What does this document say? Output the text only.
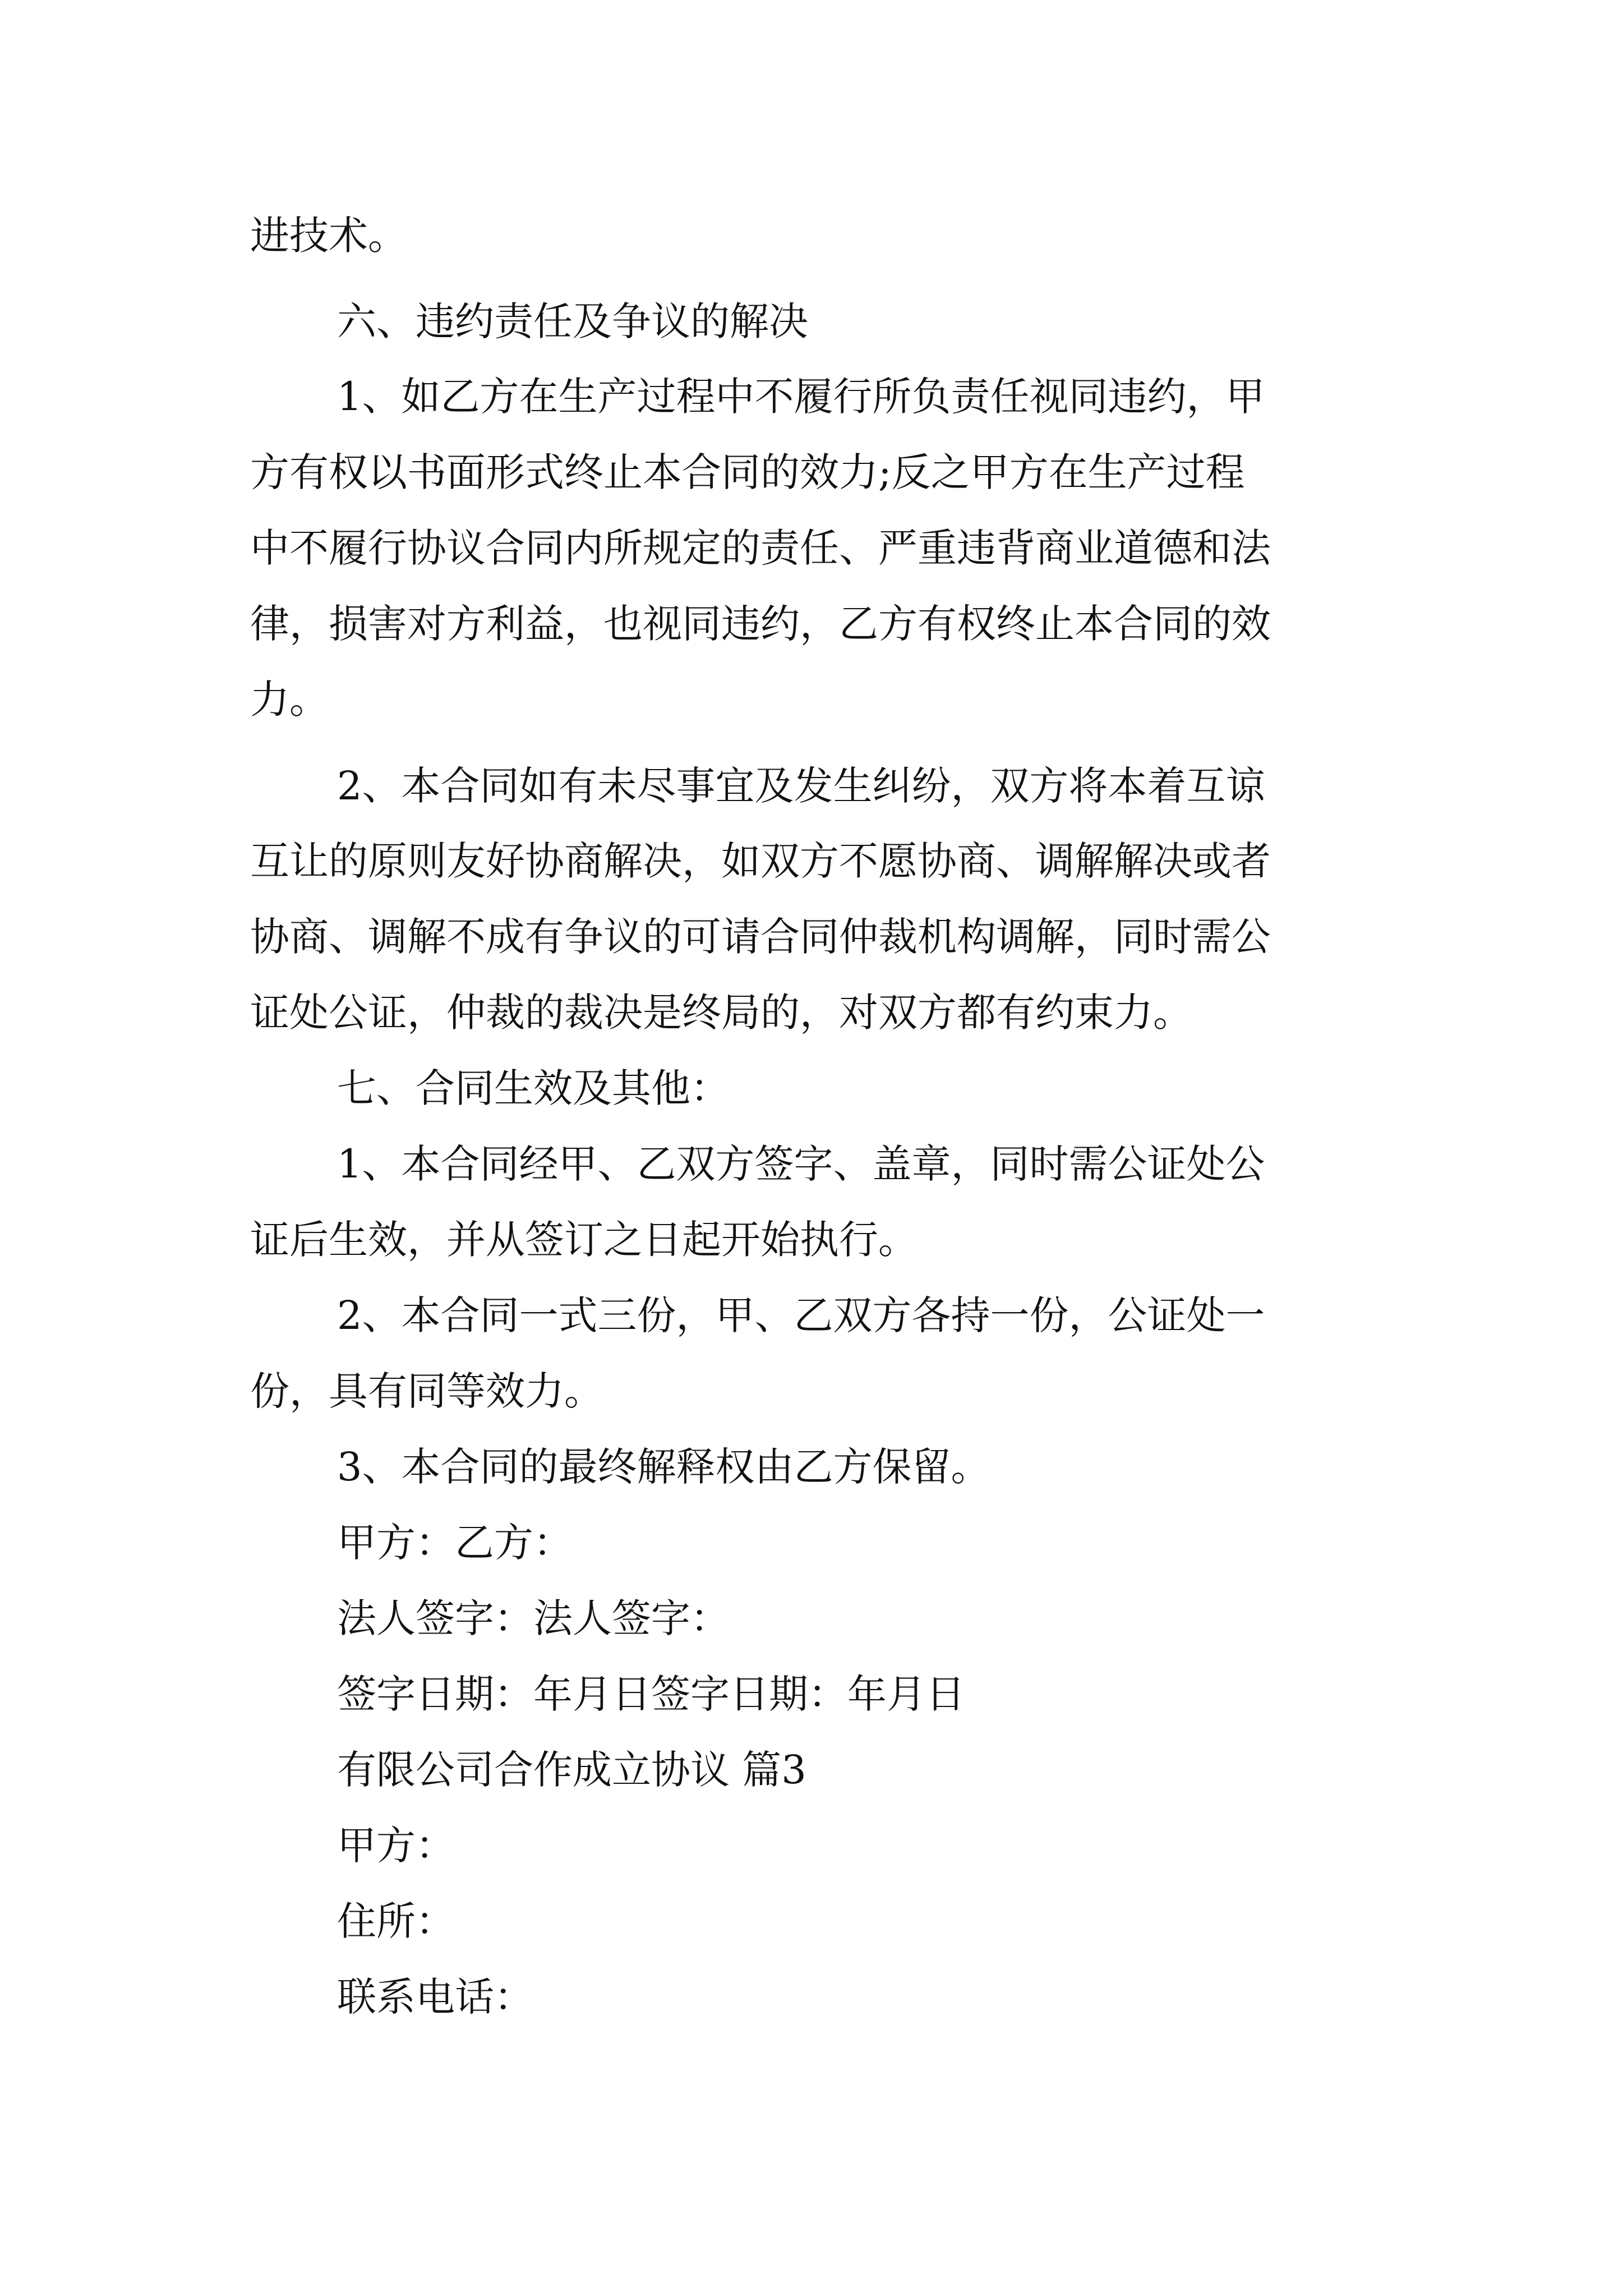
进技术。

六、违约责任及争议的解决

1、如乙方在生产过程中不履行所负责任视同违约，甲

方有权以书面形式终止本合同的效力;反之甲方在生产过程

中不履行协议合同内所规定的责任、严重违背商业道德和法

律，损害对方利益，也视同违约，乙方有权终止本合同的效

力。

2、本合同如有未尽事宜及发生纠纷，双方将本着互谅

互让的原则友好协商解决，如双方不愿协商、调解解决或者

协商、调解不成有争议的可请合同仲裁机构调解，同时需公

证处公证，仲裁的裁决是终局的，对双方都有约束力。

七、合同生效及其他：

1、本合同经甲、乙双方签字、盖章，同时需公证处公

证后生效，并从签订之日起开始执行。

2、本合同一式三份，甲、乙双方各持一份，公证处一

份，具有同等效力。

3、本合同的最终解释权由乙方保留。

甲方：乙方：

法人签字：法人签字：

签字日期：年月日签字日期：年月日

有限公司合作成立协议 篇3

甲方：

住所：

联系电话：
